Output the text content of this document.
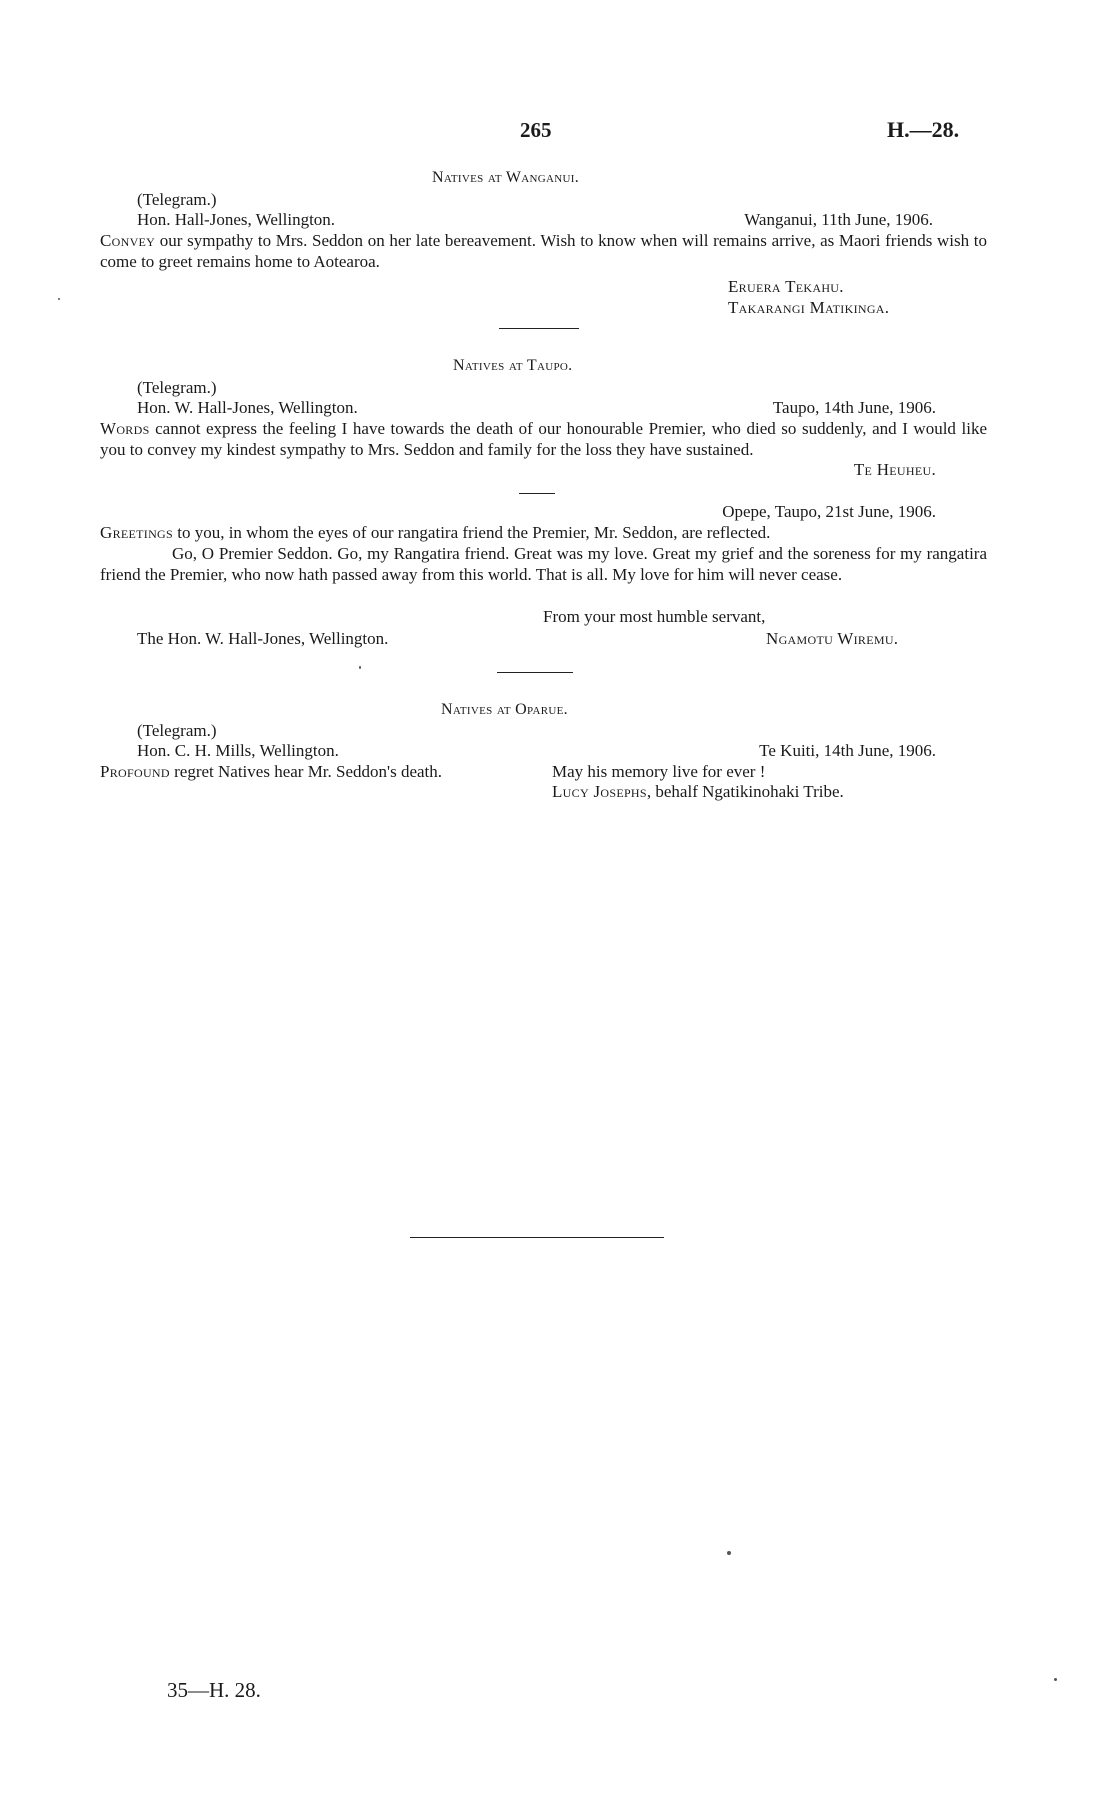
265	H.—28.
Natives at Wanganui.
(Telegram.)
Hon. Hall-Jones, Wellington.	Wanganui, 11th June, 1906.
Convey our sympathy to Mrs. Seddon on her late bereavement. Wish to know when will remains arrive, as Maori friends wish to come to greet remains home to Aotearoa.
Eruera Tekahu.
Takarangi Matikinga.
Natives at Taupo.
(Telegram.)
Hon. W. Hall-Jones, Wellington.	Taupo, 14th June, 1906.
Words cannot express the feeling I have towards the death of our honourable Premier, who died so suddenly, and I would like you to convey my kindest sympathy to Mrs. Seddon and family for the loss they have sustained.
Te Heuheu.
Opepe, Taupo, 21st June, 1906.
Greetings to you, in whom the eyes of our rangatira friend the Premier, Mr. Seddon, are reflected.
Go, O Premier Seddon. Go, my Rangatira friend. Great was my love. Great my grief and the soreness for my rangatira friend the Premier, who now hath passed away from this world. That is all. My love for him will never cease.
From your most humble servant,
The Hon. W. Hall-Jones, Wellington.	Ngamotu Wiremu.
Natives at Oparue.
(Telegram.)
Hon. C. H. Mills, Wellington.	Te Kuiti, 14th June, 1906.
Profound regret Natives hear Mr. Seddon's death.	May his memory live for ever !
Lucy Josephs, behalf Ngatikinohaki Tribe.
35—H. 28.
